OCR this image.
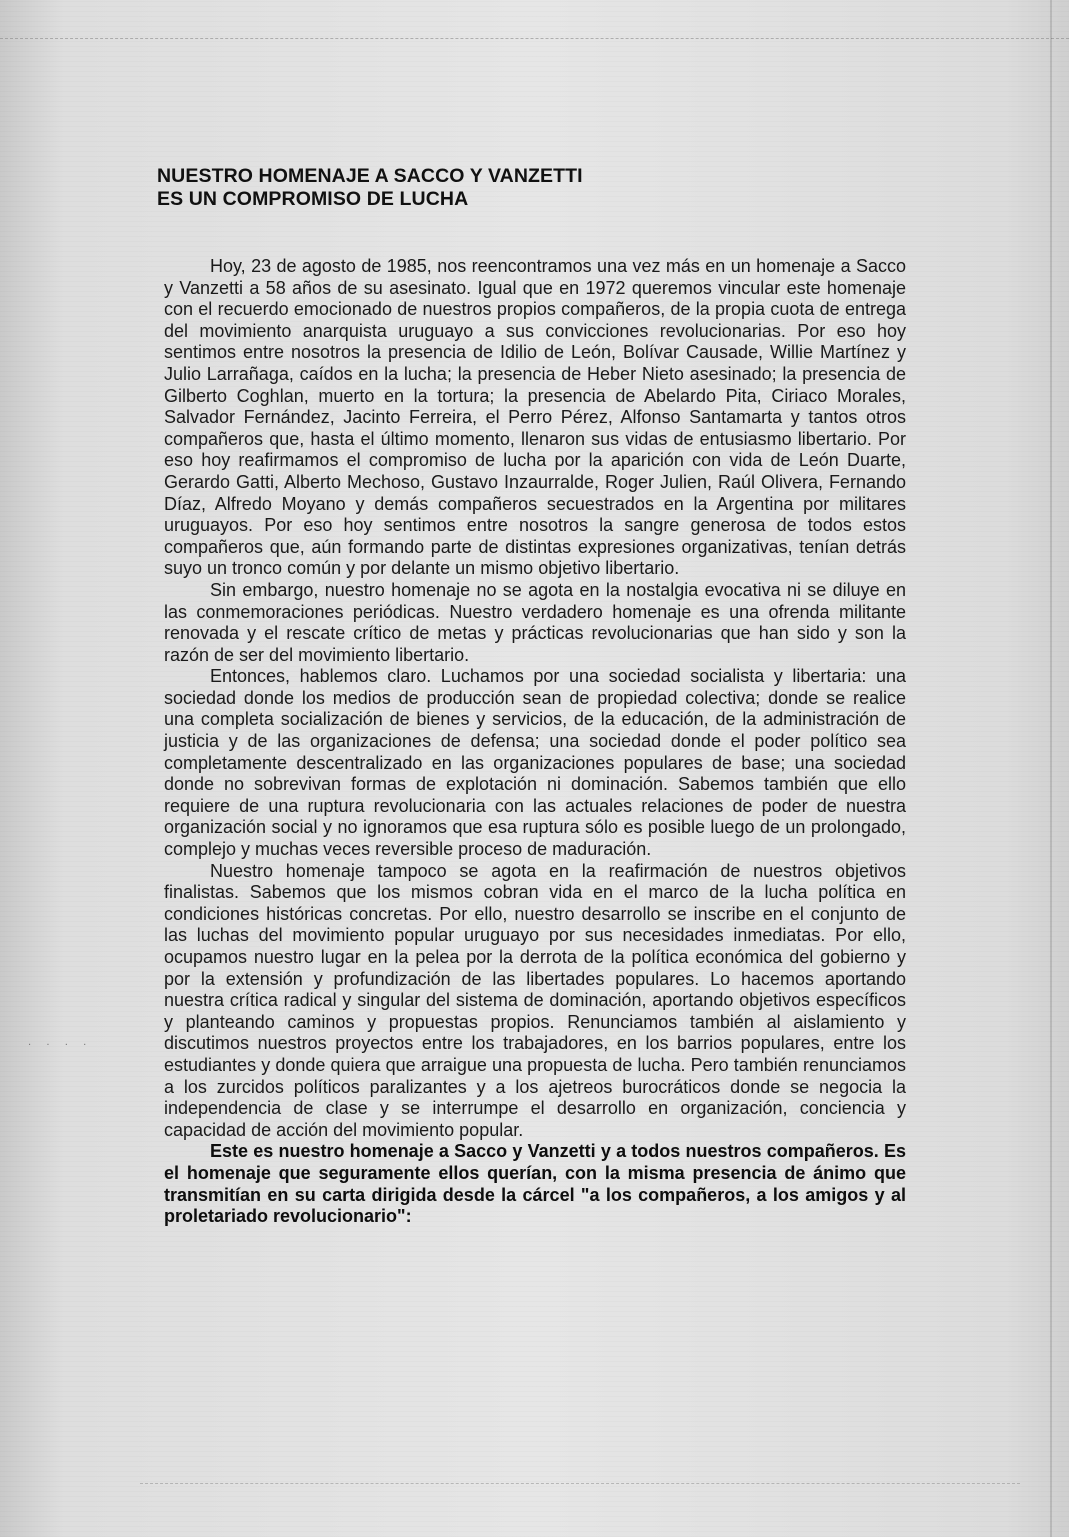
NUESTRO HOMENAJE A SACCO Y VANZETTI
ES UN COMPROMISO DE LUCHA

Hoy, 23 de agosto de 1985, nos reencontramos una vez más en un homenaje a Sacco y Vanzetti a 58 años de su asesinato. Igual que en 1972 queremos vincular este homenaje con el recuerdo emocionado de nuestros propios compañeros, de la propia cuota de entrega del movimiento anarquista uruguayo a sus convicciones revolucionarias. Por eso hoy sentimos entre nosotros la presencia de Idilio de León, Bolívar Causade, Willie Martínez y Julio Larrañaga, caídos en la lucha; la presencia de Heber Nieto asesinado; la presencia de Gilberto Coghlan, muerto en la tortura; la presencia de Abelardo Pita, Ciriaco Morales, Salvador Fernández, Jacinto Ferreira, el Perro Pérez, Alfonso Santamarta y tantos otros compañeros que, hasta el último momento, llenaron sus vidas de entusiasmo libertario. Por eso hoy reafirmamos el compromiso de lucha por la aparición con vida de León Duarte, Gerardo Gatti, Alberto Mechoso, Gustavo Inzaurralde, Roger Julien, Raúl Olivera, Fernando Díaz, Alfredo Moyano y demás compañeros secuestrados en la Argentina por militares uruguayos. Por eso hoy sentimos entre nosotros la sangre generosa de todos estos compañeros que, aún formando parte de distintas expresiones organizativas, tenían detrás suyo un tronco común y por delante un mismo objetivo libertario.

Sin embargo, nuestro homenaje no se agota en la nostalgia evocativa ni se diluye en las conmemoraciones periódicas. Nuestro verdadero homenaje es una ofrenda militante renovada y el rescate crítico de metas y prácticas revolucionarias que han sido y son la razón de ser del movimiento libertario.

Entonces, hablemos claro. Luchamos por una sociedad socialista y libertaria: una sociedad donde los medios de producción sean de propiedad colectiva; donde se realice una completa socialización de bienes y servicios, de la educación, de la administración de justicia y de las organizaciones de defensa; una sociedad donde el poder político sea completamente descentralizado en las organizaciones populares de base; una sociedad donde no sobrevivan formas de explotación ni dominación. Sabemos también que ello requiere de una ruptura revolucionaria con las actuales relaciones de poder de nuestra organización social y no ignoramos que esa ruptura sólo es posible luego de un prolongado, complejo y muchas veces reversible proceso de maduración.

Nuestro homenaje tampoco se agota en la reafirmación de nuestros objetivos finalistas. Sabemos que los mismos cobran vida en el marco de la lucha política en condiciones históricas concretas. Por ello, nuestro desarrollo se inscribe en el conjunto de las luchas del movimiento popular uruguayo por sus necesidades inmediatas. Por ello, ocupamos nuestro lugar en la pelea por la derrota de la política económica del gobierno y por la extensión y profundización de las libertades populares. Lo hacemos aportando nuestra crítica radical y singular del sistema de dominación, aportando objetivos específicos y planteando caminos y propuestas propios. Renunciamos también al aislamiento y discutimos nuestros proyectos entre los trabajadores, en los barrios populares, entre los estudiantes y donde quiera que arraigue una propuesta de lucha. Pero también renunciamos a los zurcidos políticos paralizantes y a los ajetreos burocráticos donde se negocia la independencia de clase y se interrumpe el desarrollo en organización, conciencia y capacidad de acción del movimiento popular.

Este es nuestro homenaje a Sacco y Vanzetti y a todos nuestros compañeros. Es el homenaje que seguramente ellos querían, con la misma presencia de ánimo que transmitían en su carta dirigida desde la cárcel "a los compañeros, a los amigos y al proletariado revolucionario":

· · · ·
